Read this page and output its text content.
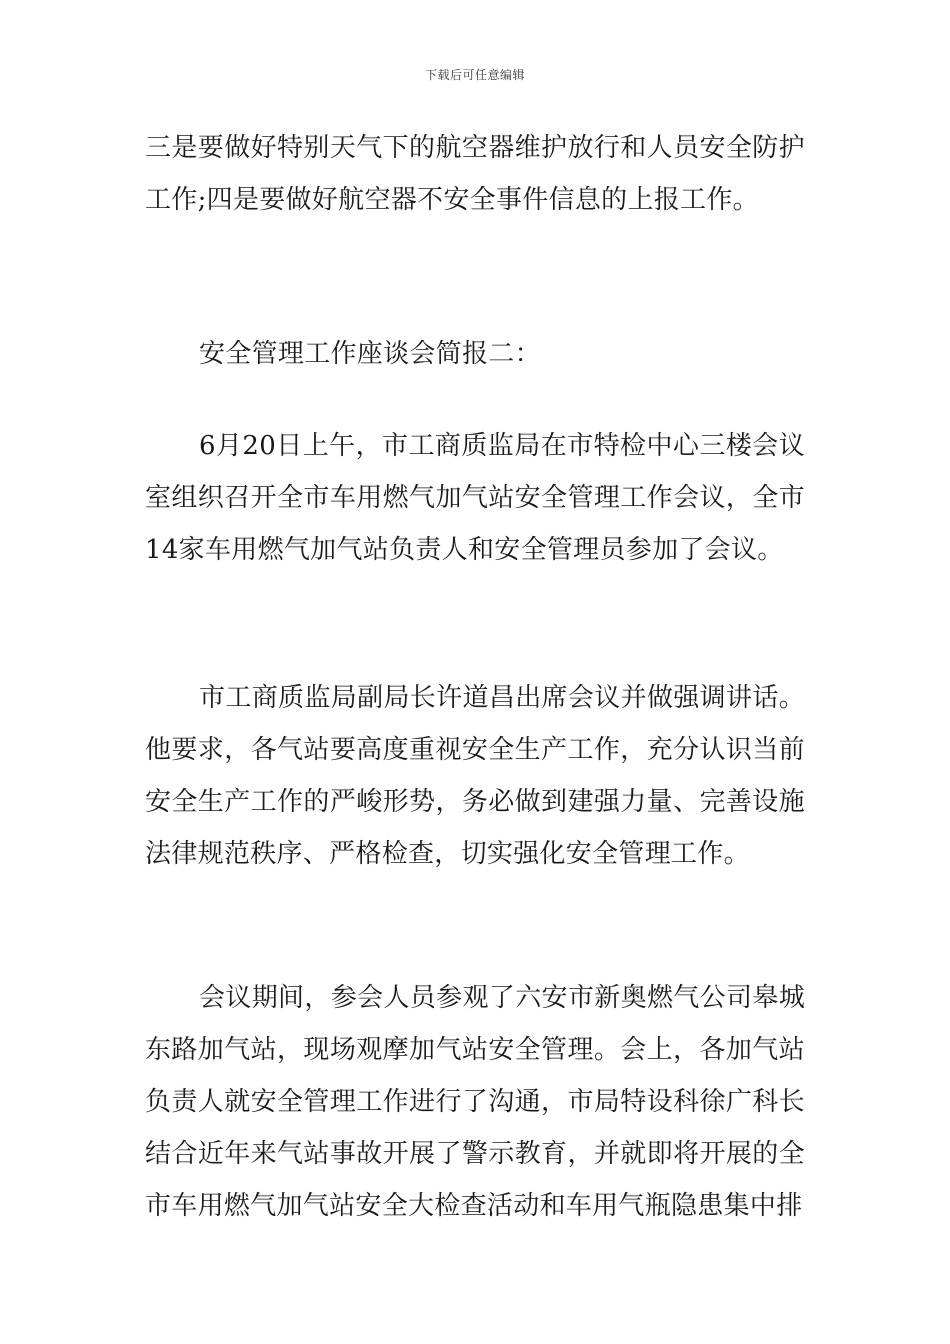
下载后可任意编辑

三是要做好特别天气下的航空器维护放行和人员安全防护工作;四是要做好航空器不安全事件信息的上报工作。

安全管理工作座谈会简报二：

6月20日上午，市工商质监局在市特检中心三楼会议室组织召开全市车用燃气加气站安全管理工作会议，全市14家车用燃气加气站负责人和安全管理员参加了会议。

市工商质监局副局长许道昌出席会议并做强调讲话。他要求，各气站要高度重视安全生产工作，充分认识当前安全生产工作的严峻形势，务必做到建强力量、完善设施法律规范秩序、严格检查，切实强化安全管理工作。

会议期间，参会人员参观了六安市新奥燃气公司皋城东路加气站，现场观摩加气站安全管理。会上，各加气站负责人就安全管理工作进行了沟通，市局特设科徐广科长结合近年来气站事故开展了警示教育，并就即将开展的全市车用燃气加气站安全大检查活动和车用气瓶隐患集中排
